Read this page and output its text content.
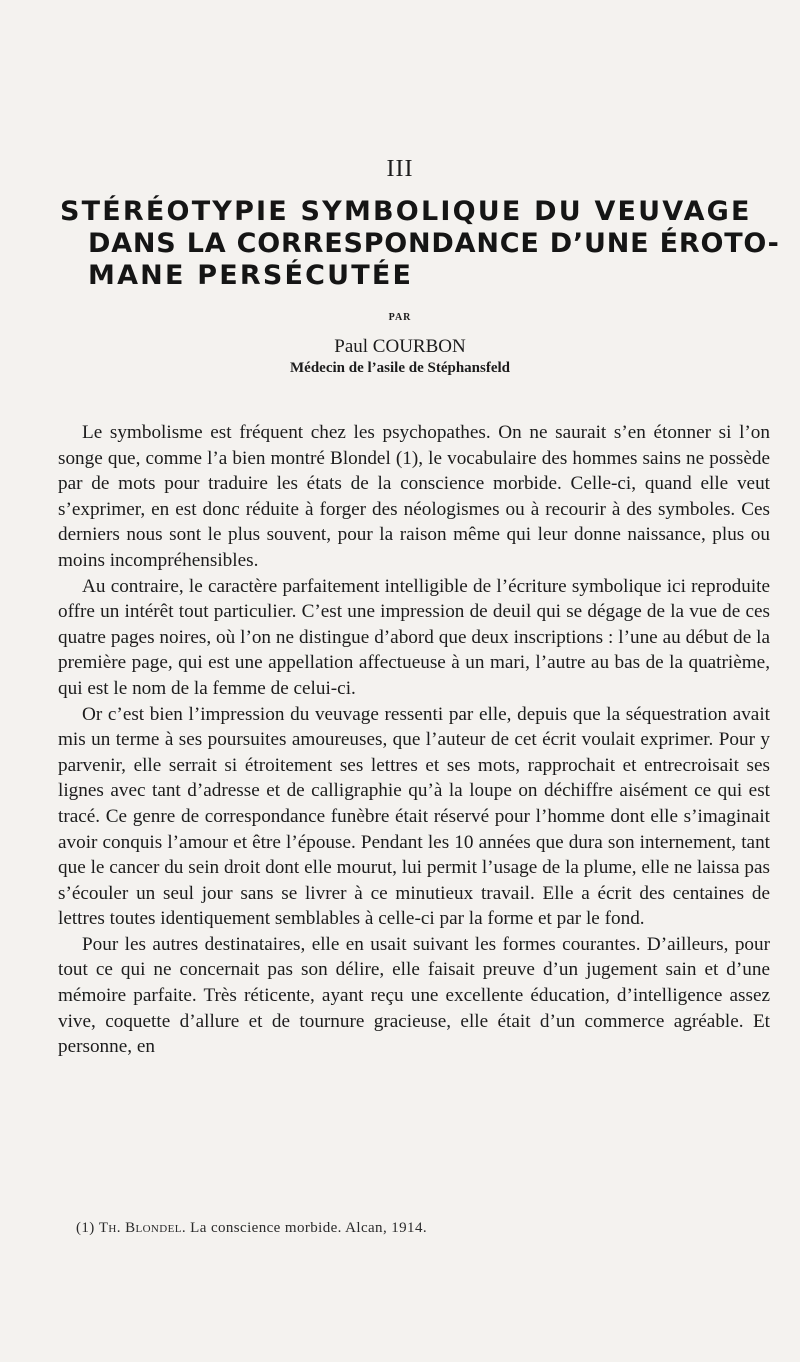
III
STÉRÉOTYPIE SYMBOLIQUE DU VEUVAGE
DANS LA CORRESPONDANCE D’UNE ÉROTO-
MANE PERSÉCUTÉE
PAR
Paul COURBON
Médecin de l’asile de Stéphansfeld

Le symbolisme est fréquent chez les psychopathes. On ne saurait s’en étonner si l’on songe que, comme l’a bien montré Blondel (1), le vocabulaire des hommes sains ne possède par de mots pour traduire les états de la conscience morbide. Celle-ci, quand elle veut s’exprimer, en est donc réduite à forger des néologismes ou à recourir à des symboles. Ces derniers nous sont le plus souvent, pour la raison même qui leur donne naissance, plus ou moins incompréhensibles.

Au contraire, le caractère parfaitement intelligible de l’écriture symbolique ici reproduite offre un intérêt tout particulier. C’est une impression de deuil qui se dégage de la vue de ces quatre pages noires, où l’on ne distingue d’abord que deux inscriptions : l’une au début de la première page, qui est une appellation affectueuse à un mari, l’autre au bas de la quatrième, qui est le nom de la femme de celui-ci.

Or c’est bien l’impression du veuvage ressenti par elle, depuis que la séquestration avait mis un terme à ses poursuites amoureuses, que l’auteur de cet écrit voulait exprimer. Pour y parvenir, elle serrait si étroitement ses lettres et ses mots, rapprochait et entrecroisait ses lignes avec tant d’adresse et de calligraphie qu’à la loupe on déchiffre aisément ce qui est tracé. Ce genre de correspondance funèbre était réservé pour l’homme dont elle s’imaginait avoir conquis l’amour et être l’épouse. Pendant les 10 années que dura son internement, tant que le cancer du sein droit dont elle mourut, lui permit l’usage de la plume, elle ne laissa pas s’écouler un seul jour sans se livrer à ce minutieux travail. Elle a écrit des centaines de lettres toutes identiquement semblables à celle-ci par la forme et par le fond.

Pour les autres destinataires, elle en usait suivant les formes courantes. D’ailleurs, pour tout ce qui ne concernait pas son délire, elle faisait preuve d’un jugement sain et d’une mémoire parfaite. Très réticente, ayant reçu une excellente éducation, d’intelligence assez vive, coquette d’allure et de tournure gracieuse, elle était d’un commerce agréable. Et personne, en

(1) Th. Blondel. La conscience morbide. Alcan, 1914.
